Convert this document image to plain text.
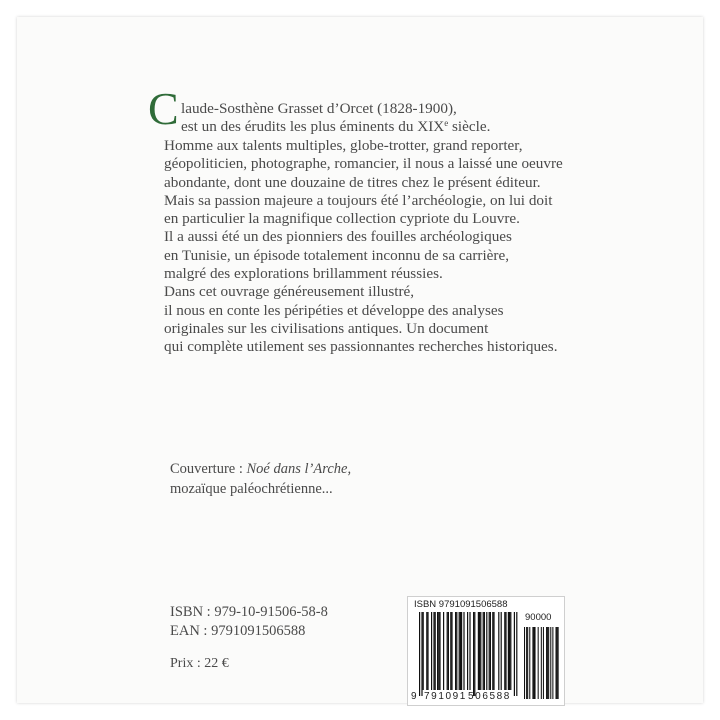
C laude-Sosthène Grasset d’Orcet (1828-1900),
est un des érudits les plus éminents du XIXe siècle.

Homme aux talents multiples, globe-trotter, grand reporter,

géopoliticien, photographe, romancier, il nous a laissé une oeuvre

abondante, dont une douzaine de titres chez le présent éditeur.

Mais sa passion majeure a toujours été l’archéologie, on lui doit

en particulier la magnifique collection cypriote du Louvre.

Il a aussi été un des pionniers des fouilles archéologiques

en Tunisie, un épisode totalement inconnu de sa carrière,

malgré des explorations brillamment réussies.

Dans cet ouvrage généreusement illustré,

il nous en conte les péripéties et développe des analyses

originales sur les civilisations antiques. Un document

qui complète utilement ses passionnantes recherches historiques.

Couverture : Noé dans l’Arche,

mozaïque paléochrétienne...

ISBN : 979-10-91506-58-8

EAN : 9791091506588

Prix : 22 €
ISBN 9791091506588
90000
9 791091 506588
